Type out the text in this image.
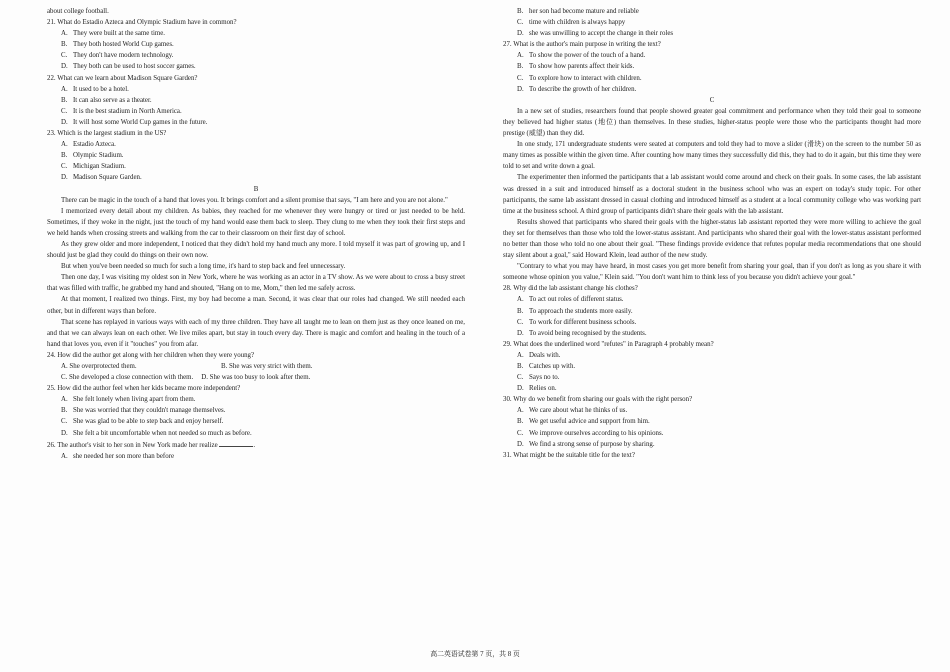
about college football.
21. What do Estadio Azteca and Olympic Stadium have in common?
A. They were built at the same time.
B. They both hosted World Cup games.
C. They don't have modern technology.
D. They both can be used to host soccer games.
22. What can we learn about Madison Square Garden?
A. It used to be a hotel.
B. It can also serve as a theater.
C. It is the best stadium in North America.
D. It will host some World Cup games in the future.
23. Which is the largest stadium in the US?
A. Estadio Azteca.
B. Olympic Stadium.
C. Michigan Stadium.
D. Madison Square Garden.
B
There can be magic in the touch of a hand that loves you. It brings comfort and a silent promise that says, "I am here and you are not alone."
I memorized every detail about my children. As babies, they reached for me whenever they were hungry or tired or just needed to be held. Sometimes, if they woke in the night, just the touch of my hand would ease them back to sleep. They clung to me when they took their first steps and we held hands when crossing streets and walking from the car to their classroom on their first day of school.
As they grew older and more independent, I noticed that they didn't hold my hand much any more. I told myself it was part of growing up, and I should just be glad they could do things on their own now.
But when you've been needed so much for such a long time, it's hard to step back and feel unnecessary.
Then one day, I was visiting my oldest son in New York, where he was working as an actor in a TV show. As we were about to cross a busy street that was filled with traffic, he grabbed my hand and shouted, "Hang on to me, Mom," then led me safely across.
At that moment, I realized two things. First, my boy had become a man. Second, it was clear that our roles had changed. We still needed each other, but in different ways than before.
That scene has replayed in various ways with each of my three children. They have all taught me to lean on them just as they once leaned on me, and that we can always lean on each other. We live miles apart, but stay in touch every day. There is magic and comfort and healing in the touch of a hand that loves you, even if it "touches" you from afar.
24. How did the author get along with her children when they were young?
A. She overprotected them.	B. She was very strict with them.
C. She developed a close connection with them. D. She was too busy to look after them.
25. How did the author feel when her kids became more independent?
A. She felt lonely when living apart from them.
B. She was worried that they couldn't manage themselves.
C. She was glad to be able to step back and enjoy herself.
D. She felt a bit uncomfortable when not needed so much as before.
26. The author's visit to her son in New York made her realize	.
A. she needed her son more than before
B. her son had become mature and reliable
C. time with children is always happy
D. she was unwilling to accept the change in their roles
27. What is the author's main purpose in writing the text?
A. To show the power of the touch of a hand.
B. To show how parents affect their kids.
C. To explore how to interact with children.
D. To describe the growth of her children.
C
In a new set of studies, researchers found that people showed greater goal commitment and performance when they told their goal to someone they believed had higher status (地位) than themselves. In these studies, higher-status people were those who the participants thought had more prestige (威望) than they did.
In one study, 171 undergraduate students were seated at computers and told they had to move a slider (滑块) on the screen to the number 50 as many times as possible within the given time. After counting how many times they successfully did this, they had to do it again, but this time they were told to set and write down a goal.
The experimenter then informed the participants that a lab assistant would come around and check on their goals. In some cases, the lab assistant was dressed in a suit and introduced himself as a doctoral student in the business school who was an expert on today's study topic. For other participants, the same lab assistant dressed in casual clothing and introduced himself as a student at a local community college who was working part time at the business school. A third group of participants didn't share their goals with the lab assistant.
Results showed that participants who shared their goals with the higher-status lab assistant reported they were more willing to achieve the goal they set for themselves than those who told the lower-status assistant. And participants who shared their goal with the lower-status assistant performed no better than those who told no one about their goal. "These findings provide evidence that refutes popular media recommendations that one should stay silent about a goal," said Howard Klein, lead author of the new study.
"Contrary to what you may have heard, in most cases you get more benefit from sharing your goal, than if you don't as long as you share it with someone whose opinion you value," Klein said. "You don't want him to think less of you because you didn't achieve your goal."
28. Why did the lab assistant change his clothes?
A. To act out roles of different status.
B. To approach the students more easily.
C. To work for different business schools.
D. To avoid being recognised by the students.
29. What does the underlined word "refutes" in Paragraph 4 probably mean?
A. Deals with.
B. Catches up with.
C. Says no to.
D. Relies on.
30. Why do we benefit from sharing our goals with the right person?
A. We care about what he thinks of us.
B. We get useful advice and support from him.
C. We improve ourselves according to his opinions.
D. We find a strong sense of purpose by sharing.
31. What might be the suitable title for the text?
高二英语试卷第 7 页，共 8 页
